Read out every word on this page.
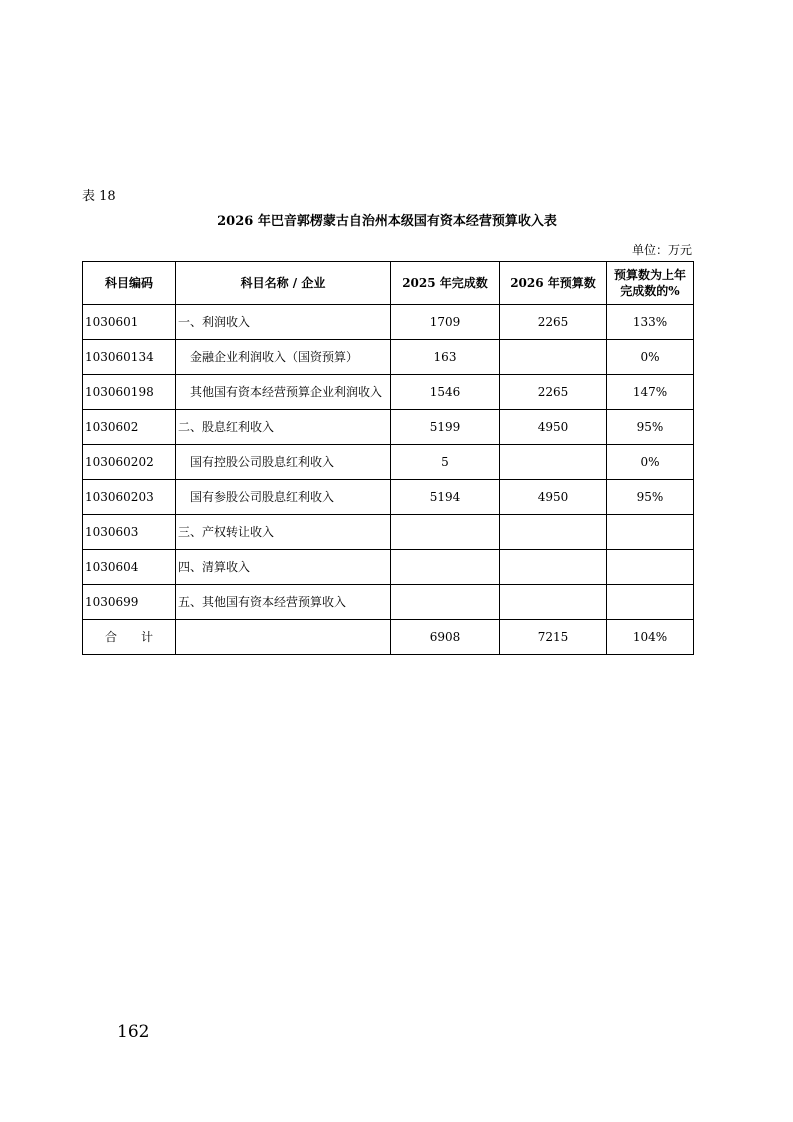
表 18
2026 年巴音郭楞蒙古自治州本级国有资本经营预算收入表
单位：万元
科目编码	科目名称 / 企业	2025 年完成数	2026 年预算数	预算数为上年完成数的%
1030601	一、利润收入	1709	2265	133%
103060134	　金融企业利润收入（国资预算）	163		0%
103060198	　其他国有资本经营预算企业利润收入	1546	2265	147%
1030602	二、股息红利收入	5199	4950	95%
103060202	　国有控股公司股息红利收入	5		0%
103060203	　国有参股公司股息红利收入	5194	4950	95%
1030603	三、产权转让收入			
1030604	四、清算收入			
1030699	五、其他国有资本经营预算收入			
合　　计		6908	7215	104%
162
